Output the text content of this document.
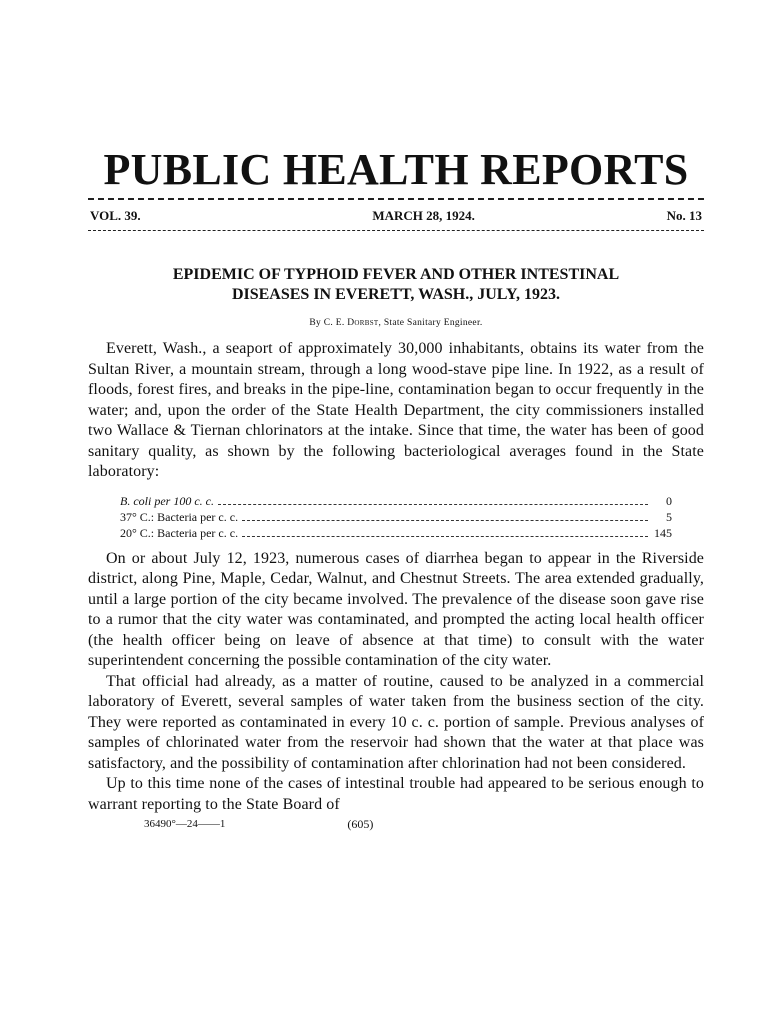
PUBLIC HEALTH REPORTS
VOL. 39.	MARCH 28, 1924.	No. 13
EPIDEMIC OF TYPHOID FEVER AND OTHER INTESTINAL
DISEASES IN EVERETT, WASH., JULY, 1923.
By C. E. Dorbst, State Sanitary Engineer.

Everett, Wash., a seaport of approximately 30,000 inhabitants, obtains its water from the Sultan River, a mountain stream, through a long wood-stave pipe line. In 1922, as a result of floods, forest fires, and breaks in the pipe-line, contamination began to occur frequently in the water; and, upon the order of the State Health Department, the city commissioners installed two Wallace & Tiernan chlorinators at the intake. Since that time, the water has been of good sanitary quality, as shown by the following bacteriological averages found in the State laboratory:

B. coli per 100 c. c.	0
37° C.: Bacteria per c. c.	5
20° C.: Bacteria per c. c.	145

On or about July 12, 1923, numerous cases of diarrhea began to appear in the Riverside district, along Pine, Maple, Cedar, Walnut, and Chestnut Streets. The area extended gradually, until a large portion of the city became involved. The prevalence of the disease soon gave rise to a rumor that the city water was contaminated, and prompted the acting local health officer (the health officer being on leave of absence at that time) to consult with the water superintendent concerning the possible contamination of the city water.

That official had already, as a matter of routine, caused to be analyzed in a commercial laboratory of Everett, several samples of water taken from the business section of the city. They were reported as contaminated in every 10 c. c. portion of sample. Previous analyses of samples of chlorinated water from the reservoir had shown that the water at that place was satisfactory, and the possibility of contamination after chlorination had not been considered.

Up to this time none of the cases of intestinal trouble had appeared to be serious enough to warrant reporting to the State Board of

36490°—24——1	(605)
